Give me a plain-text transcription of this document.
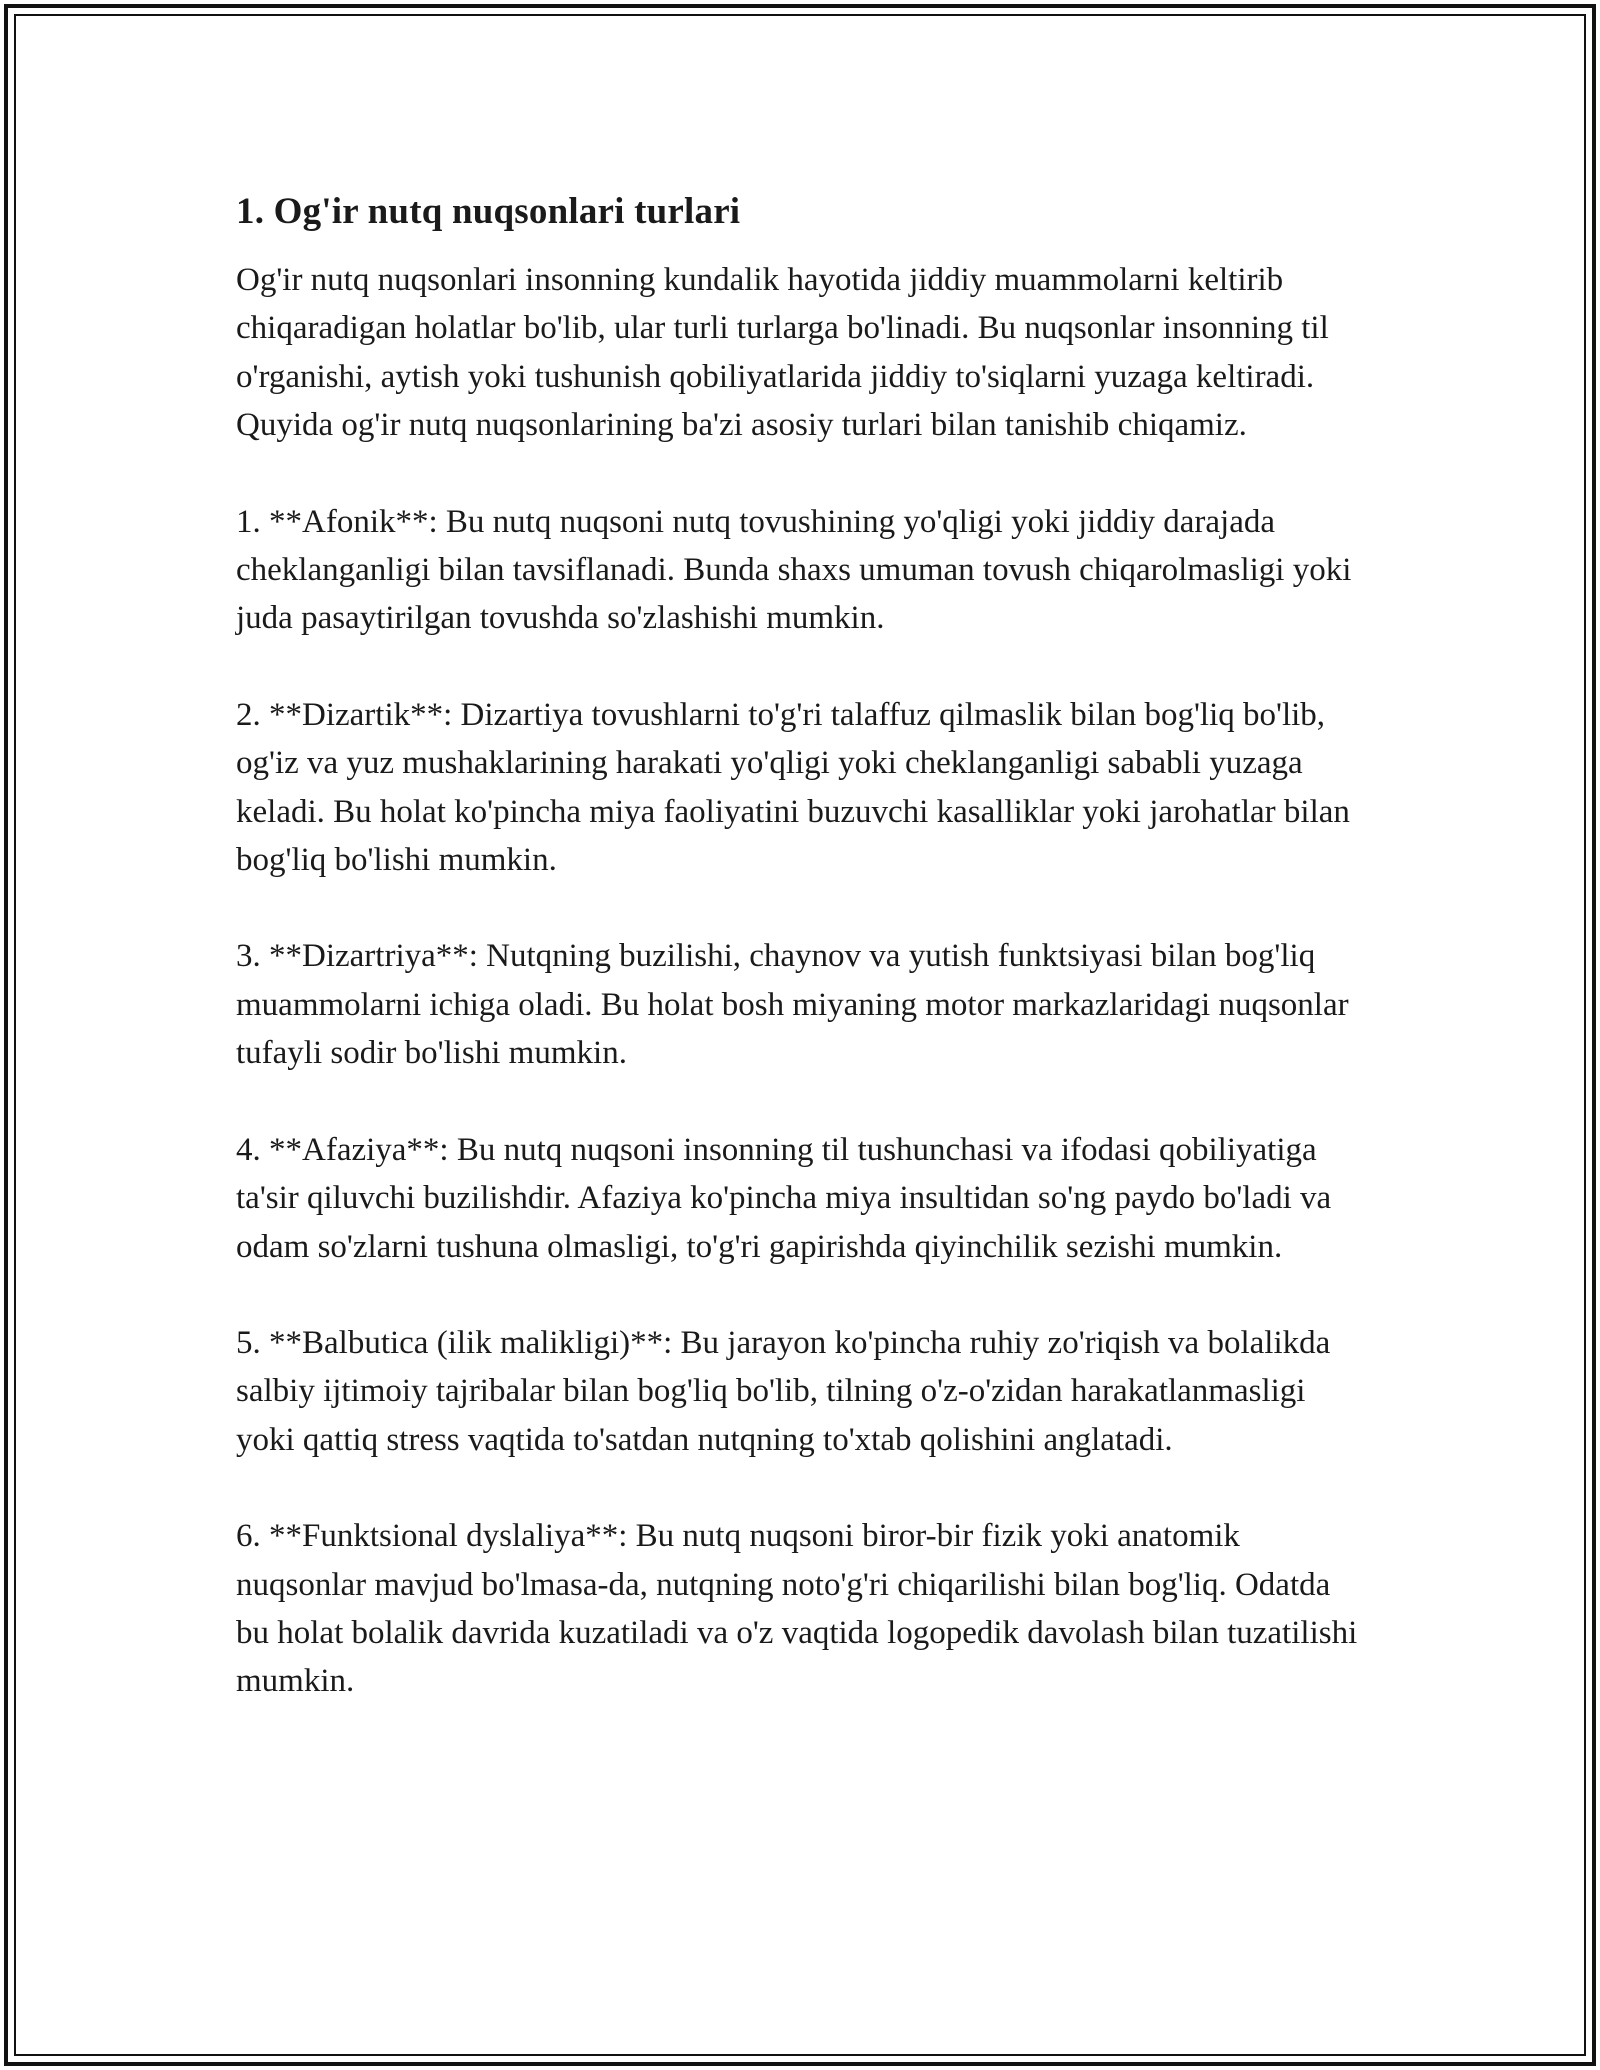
1. Og'ir nutq nuqsonlari turlari

Og'ir nutq nuqsonlari insonning kundalik hayotida jiddiy muammolarni keltirib chiqaradigan holatlar bo'lib, ular turli turlarga bo'linadi. Bu nuqsonlar insonning til o'rganishi, aytish yoki tushunish qobiliyatlarida jiddiy to'siqlarni yuzaga keltiradi. Quyida og'ir nutq nuqsonlarining ba'zi asosiy turlari bilan tanishib chiqamiz.

1. **Afonik**: Bu nutq nuqsoni nutq tovushining yo'qligi yoki jiddiy darajada cheklanganligi bilan tavsiflanadi. Bunda shaxs umuman tovush chiqarolmasligi yoki juda pasaytirilgan tovushda so'zlashishi mumkin.

2. **Dizartik**: Dizartiya tovushlarni to'g'ri talaffuz qilmaslik bilan bog'liq bo'lib, og'iz va yuz mushaklarining harakati yo'qligi yoki cheklanganligi sababli yuzaga keladi. Bu holat ko'pincha miya faoliyatini buzuvchi kasalliklar yoki jarohatlar bilan bog'liq bo'lishi mumkin.

3. **Dizartriya**: Nutqning buzilishi, chaynov va yutish funktsiyasi bilan bog'liq muammolarni ichiga oladi. Bu holat bosh miyaning motor markazlaridagi nuqsonlar tufayli sodir bo'lishi mumkin.

4. **Afaziya**: Bu nutq nuqsoni insonning til tushunchasi va ifodasi qobiliyatiga ta'sir qiluvchi buzilishdir. Afaziya ko'pincha miya insultidan so'ng paydo bo'ladi va odam so'zlarni tushuna olmasligi, to'g'ri gapirishda qiyinchilik sezishi mumkin.

5. **Balbutica (ilik malikligi)**: Bu jarayon ko'pincha ruhiy zo'riqish va bolalikda salbiy ijtimoiy tajribalar bilan bog'liq bo'lib, tilning o'z-o'zidan harakatlanmasligi yoki qattiq stress vaqtida to'satdan nutqning to'xtab qolishini anglatadi.

6. **Funktsional dyslaliya**: Bu nutq nuqsoni biror-bir fizik yoki anatomik nuqsonlar mavjud bo'lmasa-da, nutqning noto'g'ri chiqarilishi bilan bog'liq. Odatda bu holat bolalik davrida kuzatiladi va o'z vaqtida logopedik davolash bilan tuzatilishi mumkin.
